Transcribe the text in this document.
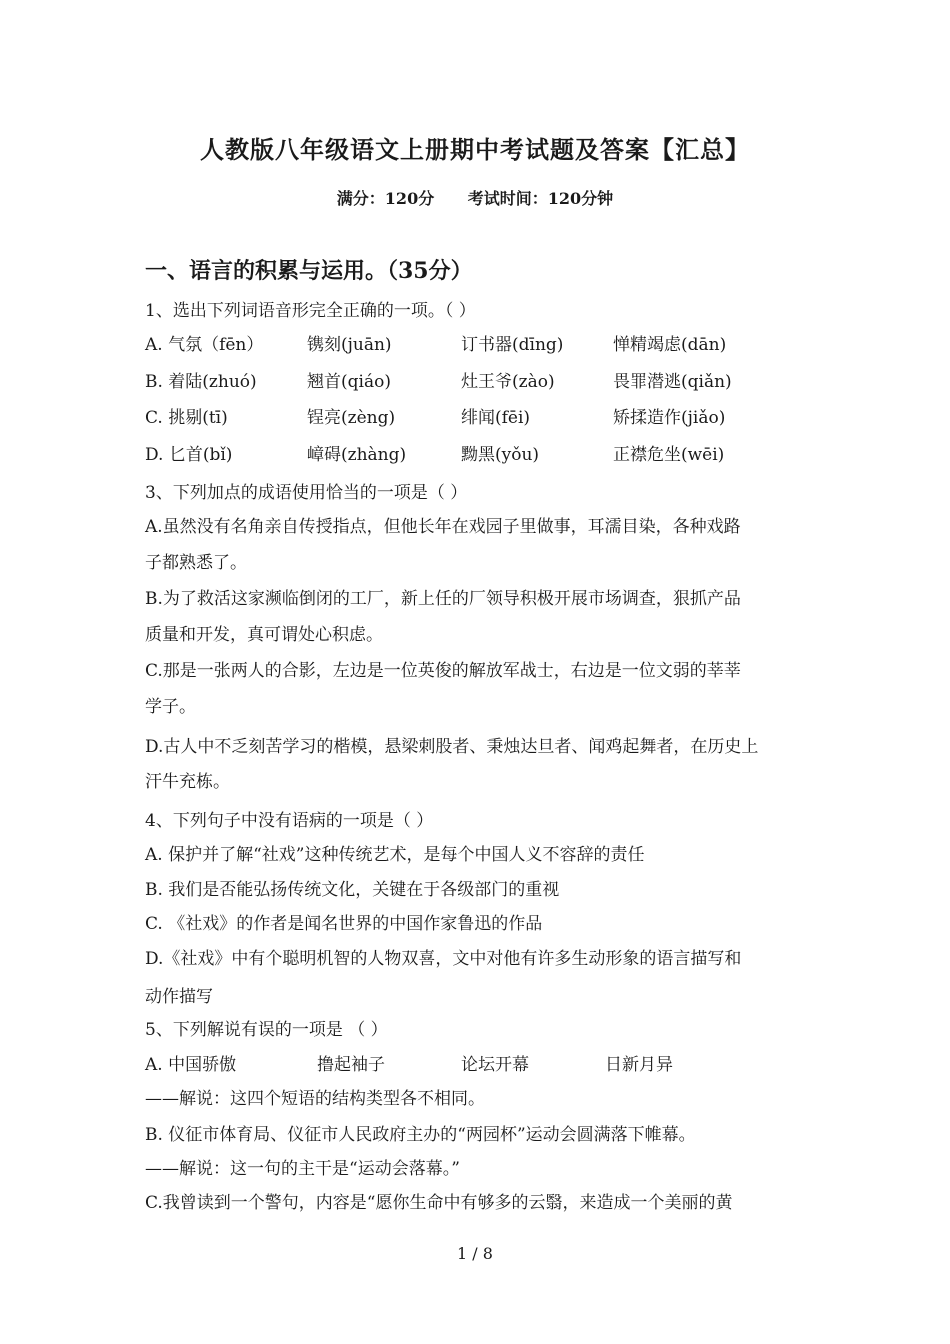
人教版八年级语文上册期中考试题及答案【汇总】
满分：120分 考试时间：120分钟
一、语言的积累与运用。（35分）
1、选出下列词语音形完全正确的一项。（ ）
A. 气氛（fēn）	镌刻(juān)	订书器(dīng)	惮精竭虑(dān)
B. 着陆(zhuó)	翘首(qiáo)	灶王爷(zào)	畏罪潜逃(qiǎn)
C. 挑剔(tī)	锃亮(zèng)	绯闻(fēi)	矫揉造作(jiǎo)
D. 匕首(bǐ)	嶂碍(zhàng)	黝黑(yǒu)	正襟危坐(wēi)
3、下列加点的成语使用恰当的一项是（ ）
A.虽然没有名角亲自传授指点，但他长年在戏园子里做事，耳濡目染，各种戏路
子都熟悉了。
B.为了救活这家濒临倒闭的工厂，新上任的厂领导积极开展市场调查，狠抓产品
质量和开发，真可谓处心积虑。
C.那是一张两人的合影，左边是一位英俊的解放军战士，右边是一位文弱的莘莘
学子。
D.古人中不乏刻苦学习的楷模，悬梁刺股者、秉烛达旦者、闻鸡起舞者，在历史上
汗牛充栋。
4、下列句子中没有语病的一项是（ ）
A. 保护并了解“社戏”这种传统艺术，是每个中国人义不容辞的责任
B. 我们是否能弘扬传统文化，关键在于各级部门的重视
C. 《社戏》的作者是闻名世界的中国作家鲁迅的作品
D.《社戏》中有个聪明机智的人物双喜，文中对他有许多生动形象的语言描写和
动作描写
5、下列解说有误的一项是 （ ）
A. 中国骄傲	撸起袖子	论坛开幕	日新月异
——解说：这四个短语的结构类型各不相同。
B. 仪征市体育局、仪征市人民政府主办的“两园杯”运动会圆满落下帷幕。
——解说：这一句的主干是“运动会落幕。”
C.我曾读到一个警句，内容是“愿你生命中有够多的云翳，来造成一个美丽的黄
1 / 8
